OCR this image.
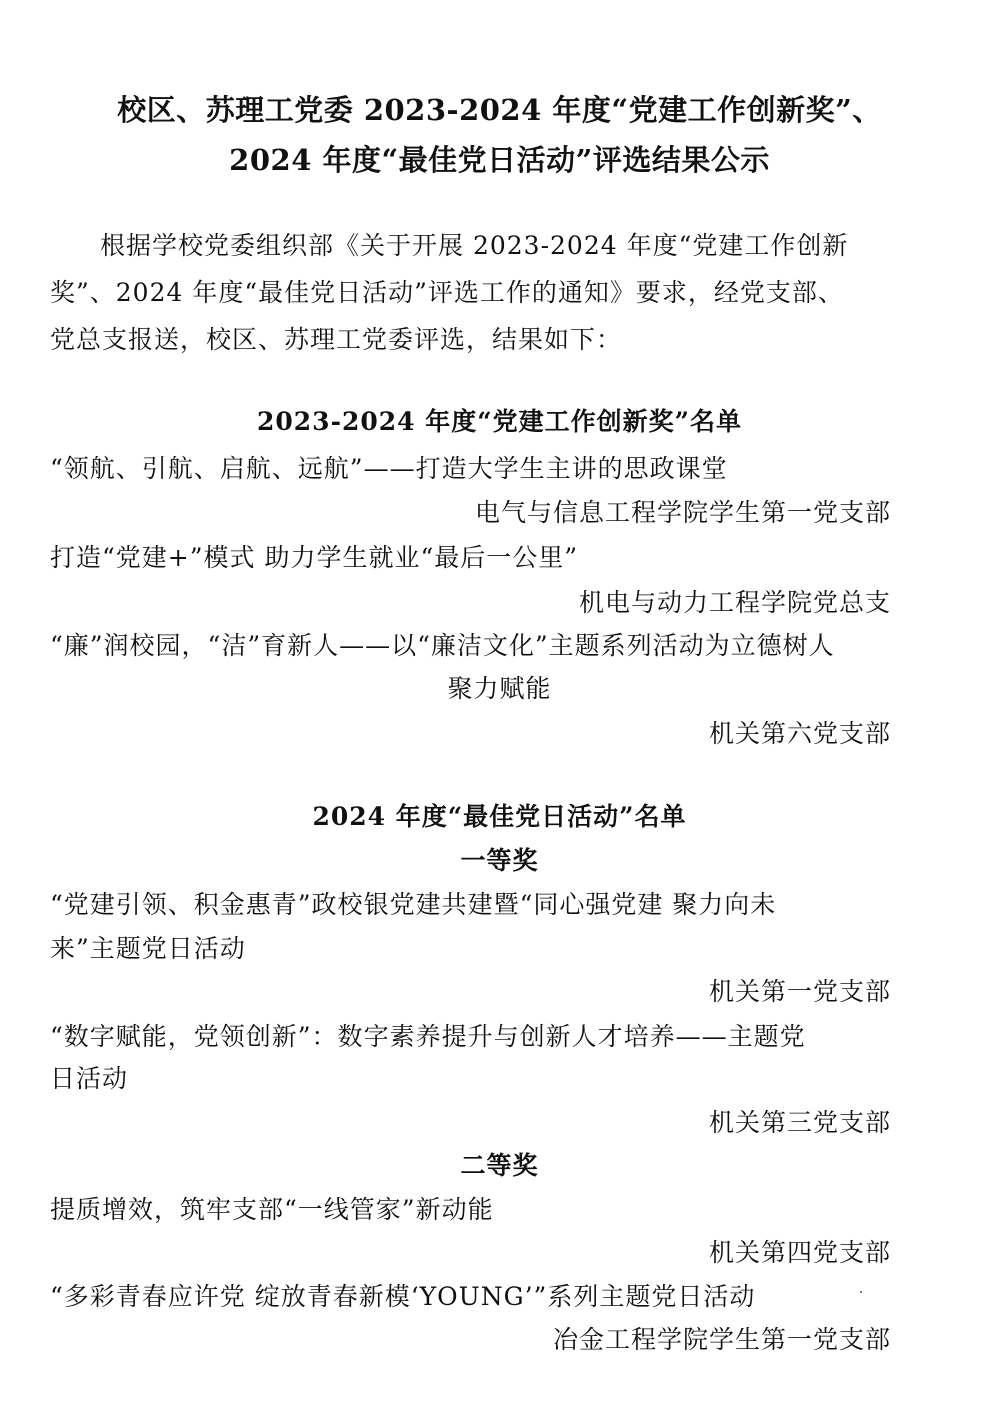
校区、苏理工党委 2023-2024 年度“党建工作创新奖”、
2024 年度“最佳党日活动”评选结果公示
根据学校党委组织部《关于开展 2023-2024 年度“党建工作创新
奖”、2024 年度“最佳党日活动”评选工作的通知》要求，经党支部、
党总支报送，校区、苏理工党委评选，结果如下：
2023-2024 年度“党建工作创新奖”名单
“领航、引航、启航、远航”——打造大学生主讲的思政课堂
电气与信息工程学院学生第一党支部
打造“党建+”模式 助力学生就业“最后一公里”
机电与动力工程学院党总支
“廉”润校园，“洁”育新人——以“廉洁文化”主题系列活动为立德树人
聚力赋能
机关第六党支部
2024 年度“最佳党日活动”名单
一等奖
“党建引领、积金惠青”政校银党建共建暨“同心强党建 聚力向未
来”主题党日活动
机关第一党支部
“数字赋能，党领创新”：数字素养提升与创新人才培养——主题党
日活动
机关第三党支部
二等奖
提质增效，筑牢支部“一线管家”新动能
机关第四党支部
“多彩青春应许党 绽放青春新模‘YOUNG’”系列主题党日活动
冶金工程学院学生第一党支部
